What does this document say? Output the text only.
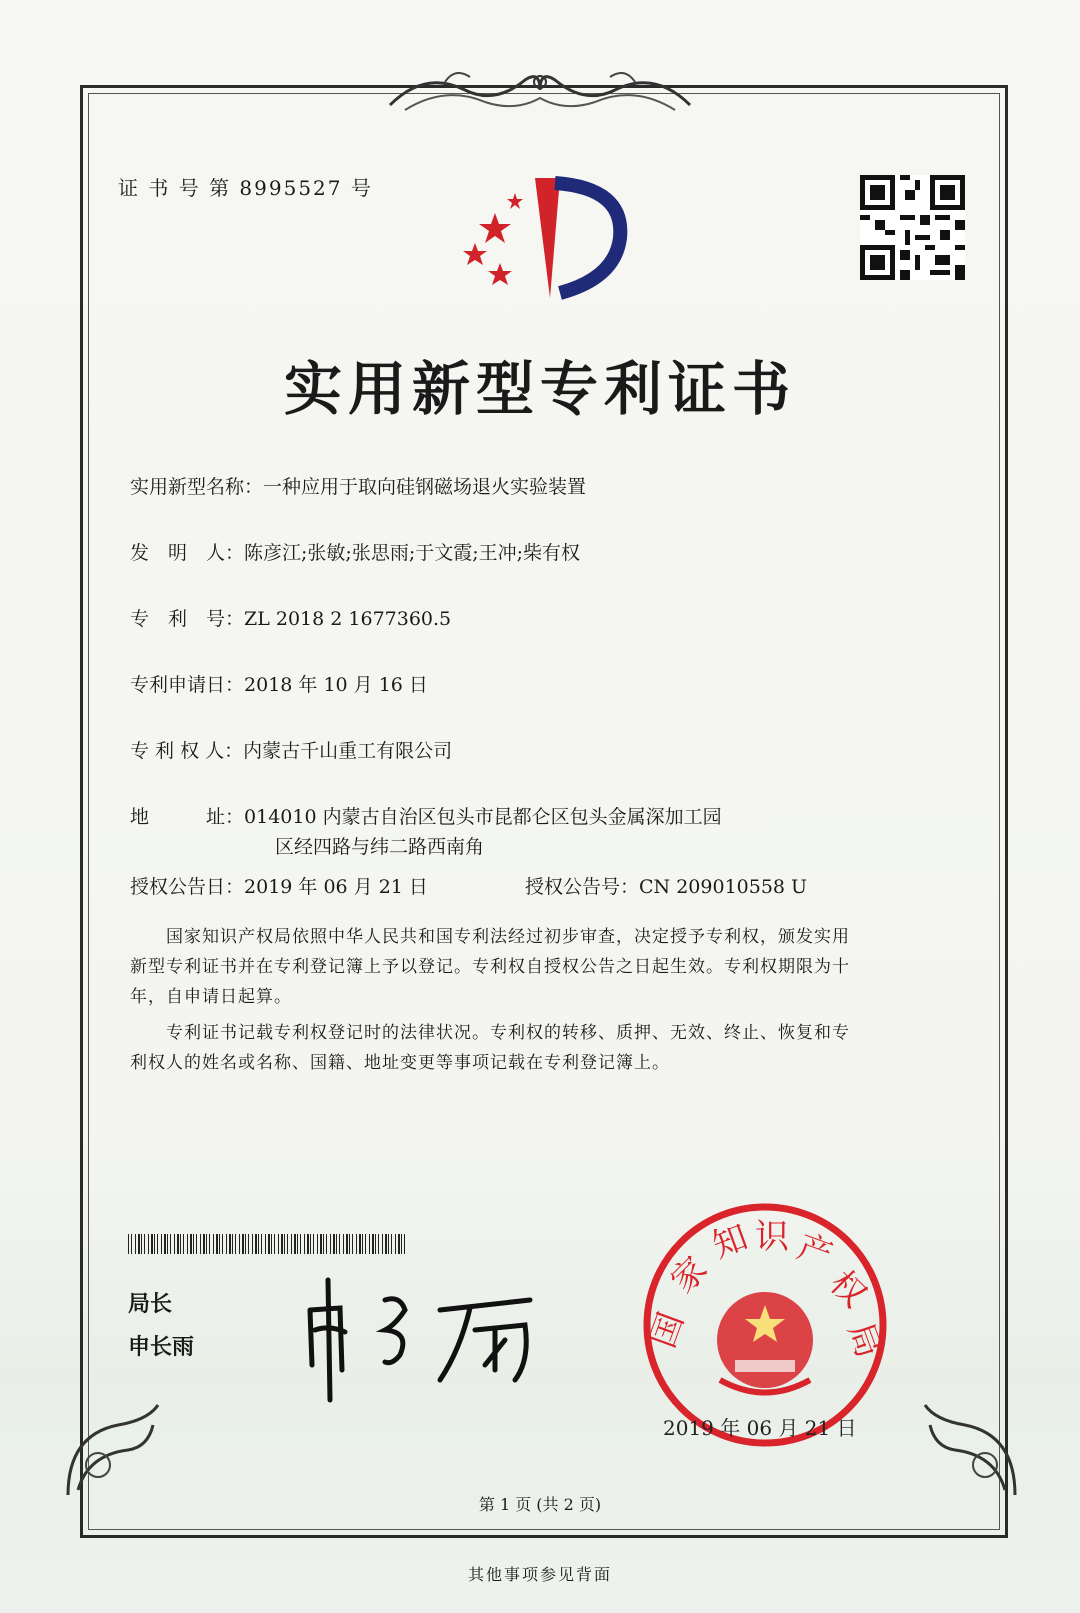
证 书 号 第 8995527 号
实用新型专利证书
实用新型名称：一种应用于取向硅钢磁场退火实验装置
发　明　人：陈彦江;张敏;张思雨;于文霞;王冲;柴有权
专　利　号：ZL 2018 2 1677360.5
专利申请日：2018 年 10 月 16 日
专 利 权 人：内蒙古千山重工有限公司
地　　　址：014010 内蒙古自治区包头市昆都仑区包头金属深加工园
区经四路与纬二路西南角
授权公告日：2019 年 06 月 21 日	授权公告号：CN 209010558 U
国家知识产权局依照中华人民共和国专利法经过初步审查，决定授予专利权，颁发实用
新型专利证书并在专利登记簿上予以登记。专利权自授权公告之日起生效。专利权期限为十
年，自申请日起算。
专利证书记载专利权登记时的法律状况。专利权的转移、质押、无效、终止、恢复和专
利权人的姓名或名称、国籍、地址变更等事项记载在专利登记簿上。
局长
申长雨	国
家
知 识 产
权
局
2019 年 06 月 21 日
第 1 页 (共 2 页)
其他事项参见背面
